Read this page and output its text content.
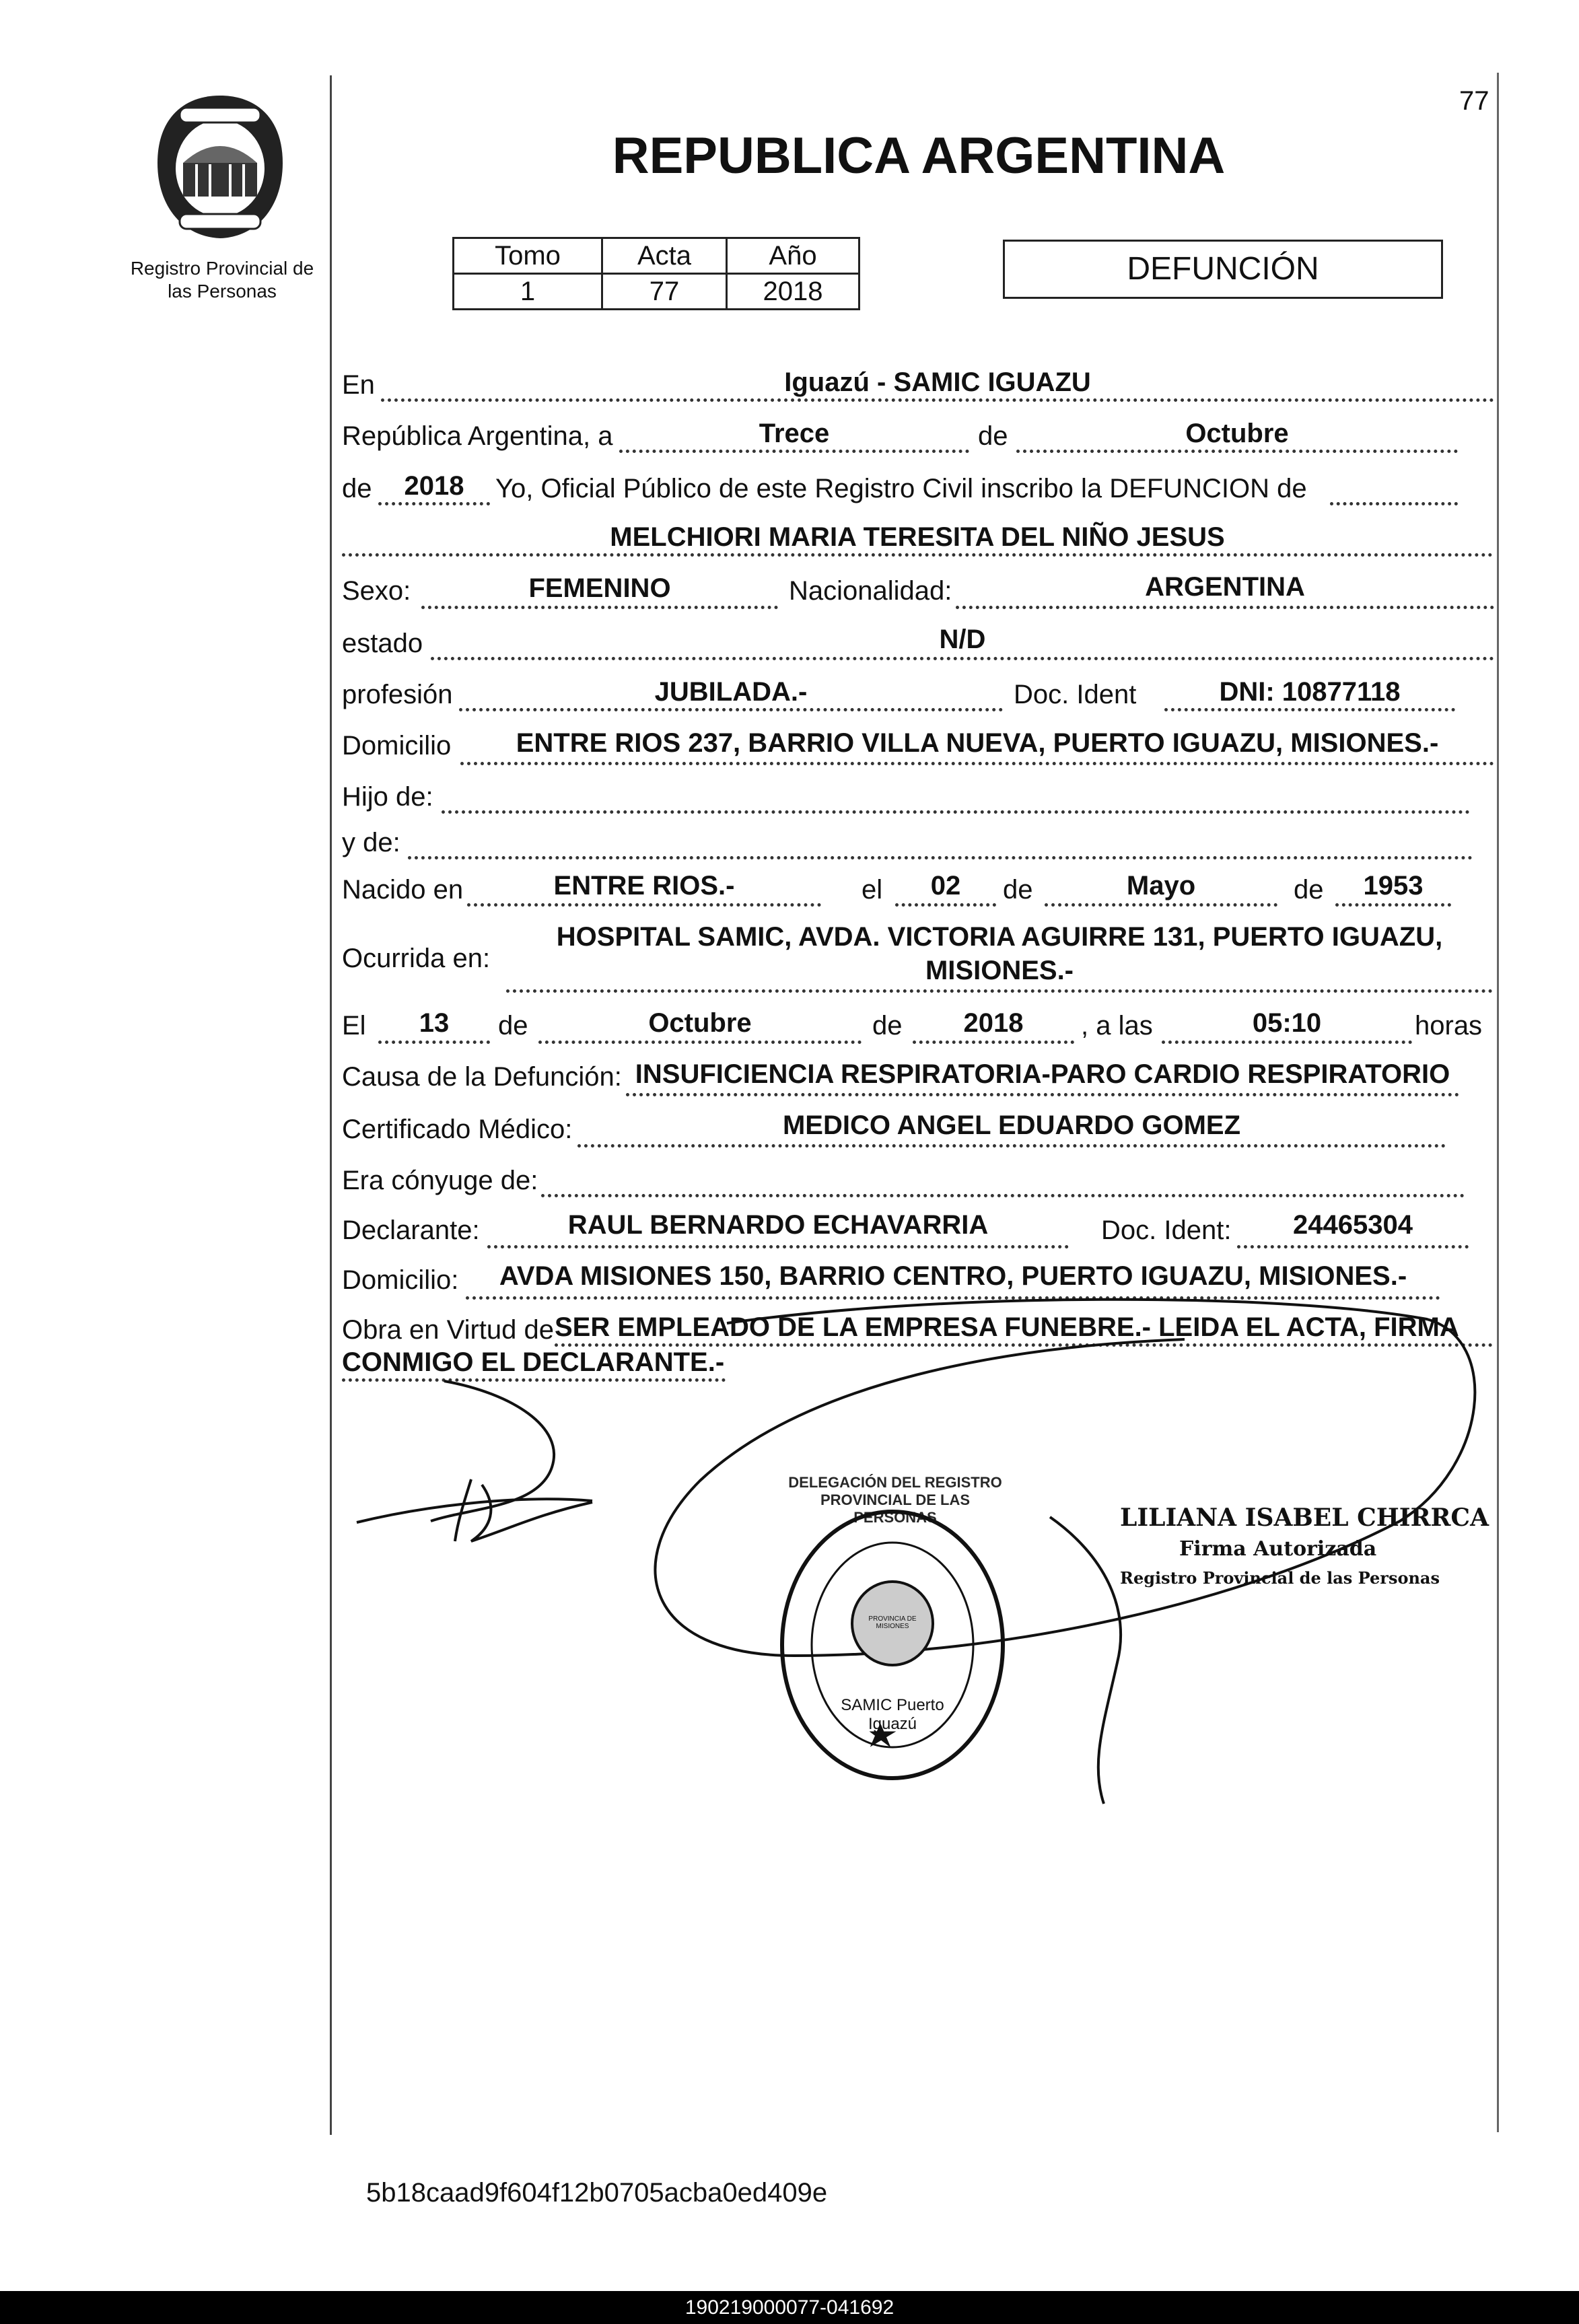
77
Registro Provincial de las Personas
REPUBLICA ARGENTINA
Tomo	Acta	Año
1	77	2018
DEFUNCIÓN
En	Iguazú - SAMIC IGUAZU
República Argentina, a	Trece	de	Octubre
de	2018	Yo, Oficial Público de este Registro Civil inscribo la DEFUNCION de
MELCHIORI MARIA TERESITA DEL NIÑO JESUS
Sexo:	FEMENINO	Nacionalidad:	ARGENTINA
estado	N/D
profesión	JUBILADA.-	Doc. Ident	DNI: 10877118
Domicilio	ENTRE RIOS 237, BARRIO VILLA NUEVA, PUERTO IGUAZU, MISIONES.-
Hijo de:
y de:
Nacido en	ENTRE RIOS.-	el	02	de	Mayo	de	1953
Ocurrida en:
HOSPITAL SAMIC, AVDA. VICTORIA AGUIRRE 131, PUERTO IGUAZU,
MISIONES.-
El	13	de	Octubre	de	2018	, a las	05:10	horas
Causa de la Defunción: INSUFICIENCIA RESPIRATORIA-PARO CARDIO RESPIRATORIO
Certificado Médico:	MEDICO ANGEL EDUARDO GOMEZ
Era cónyuge de:
Declarante:	RAUL BERNARDO ECHAVARRIA	Doc. Ident:	24465304
Domicilio:	AVDA MISIONES 150, BARRIO CENTRO, PUERTO IGUAZU, MISIONES.-
Obra en Virtud de SER EMPLEADO DE LA EMPRESA FUNEBRE.- LEIDA EL ACTA, FIRMA
CONMIGO EL DECLARANTE.-
DELEGACIÓN DEL REGISTRO PROVINCIAL DE LAS PERSONAS
SAMIC Puerto Iguazú
PROVINCIA DE MISIONES
LILIANA ISABEL CHIRRCA
Firma Autorizada
Registro Provincial de las Personas
5b18caad9f604f12b0705acba0ed409e
190219000077-041692
